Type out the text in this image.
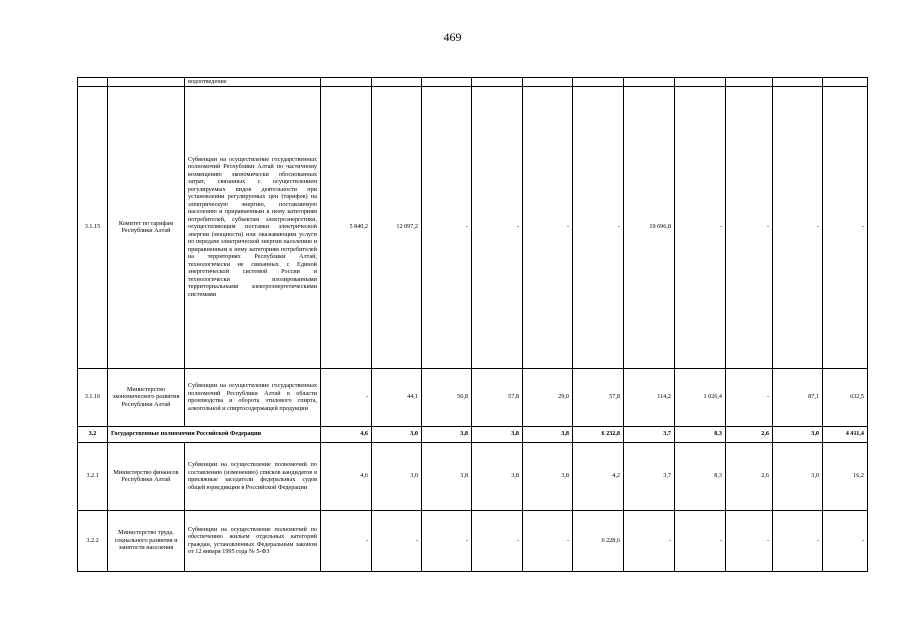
469
		водоотведение											
3.1.15	Комитет по тарифам Республики Алтай	Субвенции на осуществление государственных полномочий Республики Алтай по частичному возмещению экономически обоснованных затрат, связанных с осуществлением регулируемых видов деятельности при установлении регулируемых цен (тарифов) на электрическую энергию, поставляемую населению и приравненным к нему категориям потребителей, субъектам электроэнергетики, осуществляющим поставки электрической энергии (мощности) или оказывающим услуги по передаче электрической энергии населению и приравненным к нему категориям потребителей на территориях Республики Алтай, технологически не связанных с Единой энергетической системой России и технологически изолированными территориальными электроэнергетическими системами	5 840,2	12 097,2	-	-	-	-	19 696,8	-	-	-	-
3.1.16	Министерство экономического развития Республики Алтай	Субвенции на осуществление государственных полномочий Республики Алтай в области производства и оборота этилового спирта, алкогольной и спиртосодержащей продукции	-	44,1	56,8	57,8	29,0	57,8	114,2	1 026,4	-	87,1	632,5
3.2	Государственные полномочия Российской Федерации		4,6	3,0	3,8	3,8	3,8	6 232,8	3,7	8,3	2,6	3,0	4 411,4
3.2.1	Министерство финансов Республики Алтай	Субвенции на осуществление полномочий по составлению (изменению) списков кандидатов в присяжные заседатели федеральных судов общей юрисдикции в Российской Федерации	4,6	3,0	3,8	3,8	3,8	4,2	3,7	8,3	2,6	3,0	16,2
3.2.2	Министерство труда, социального развития и занятости населения	Субвенции на осуществление полномочий по обеспечению жильем отдельных категорий граждан, установленных Федеральным законом от 12 января 1995 года № 5-ФЗ	-	-	-	-	-	6 228,6	-	-	-	-	-
